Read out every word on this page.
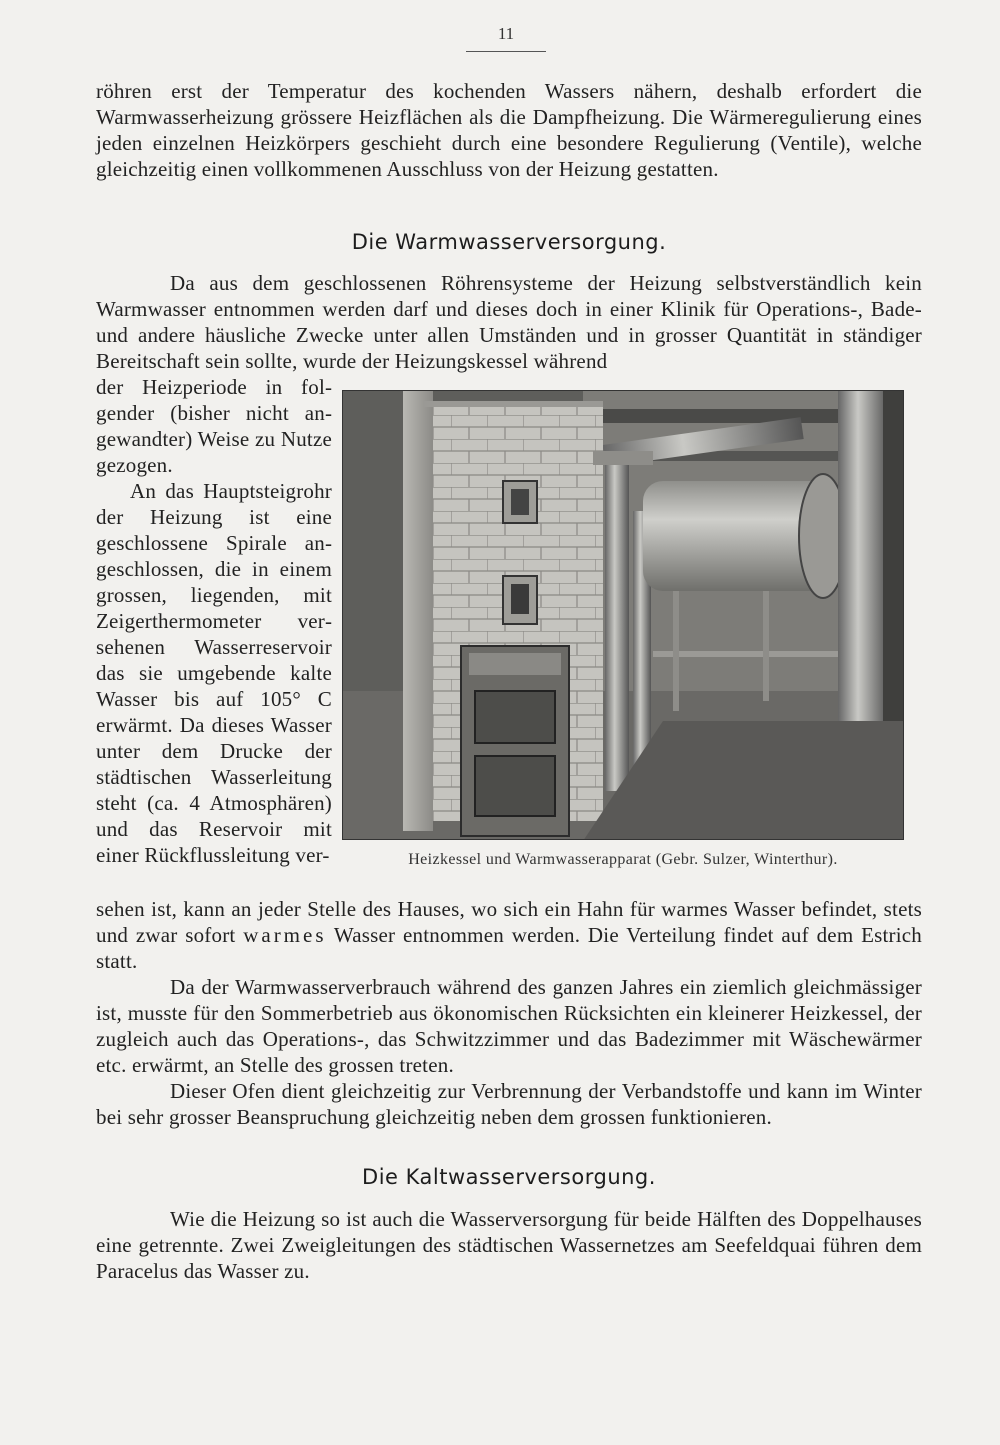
11

röhren erst der Temperatur des kochenden Wassers nähern, deshalb erfordert die Warmwasserheizung grössere Heizflächen als die Dampfheizung. Die Wärmeregulierung eines jeden einzelnen Heizkörpers geschieht durch eine besondere Regulierung (Ventile), welche gleichzeitig einen vollkommenen Ausschluss von der Heizung gestatten.

Die Warmwasserversorgung.

Da aus dem geschlossenen Röhrensysteme der Heizung selbstverständlich kein Warmwasser entnommen werden darf und dieses doch in einer Klinik für Operations-, Bade- und andere häusliche Zwecke unter allen Umständen und in grosser Quantität in ständiger Bereitschaft sein sollte, wurde der Heizungskessel während

der Heizperiode in folgender (bisher nicht angewandter) Weise zu Nutze gezogen.

An das Hauptsteigrohr der Heizung ist eine geschlossene Spirale angeschlossen, die in einem grossen, liegenden, mit Zeigerthermometer versehenen Wasserreservoir das sie umgebende kalte Wasser bis auf 105° C erwärmt. Da dieses Wasser unter dem Drucke der städtischen Wasserleitung steht (ca. 4 Atmosphären) und das Reservoir mit einer Rückflussleitung ver-	Heizkessel und Warmwasserapparat (Gebr. Sulzer, Winterthur).

sehen ist, kann an jeder Stelle des Hauses, wo sich ein Hahn für warmes Wasser befindet, stets und zwar sofort warmes Wasser entnommen werden. Die Verteilung findet auf dem Estrich statt.

Da der Warmwasserverbrauch während des ganzen Jahres ein ziemlich gleichmässiger ist, musste für den Sommerbetrieb aus ökonomischen Rücksichten ein kleinerer Heizkessel, der zugleich auch das Operations-, das Schwitzzimmer und das Badezimmer mit Wäschewärmer etc. erwärmt, an Stelle des grossen treten.

Dieser Ofen dient gleichzeitig zur Verbrennung der Verbandstoffe und kann im Winter bei sehr grosser Beanspruchung gleichzeitig neben dem grossen funktionieren.

Die Kaltwasserversorgung.

Wie die Heizung so ist auch die Wasserversorgung für beide Hälften des Doppelhauses eine getrennte. Zwei Zweigleitungen des städtischen Wassernetzes am Seefeldquai führen dem Paracelus das Wasser zu.
